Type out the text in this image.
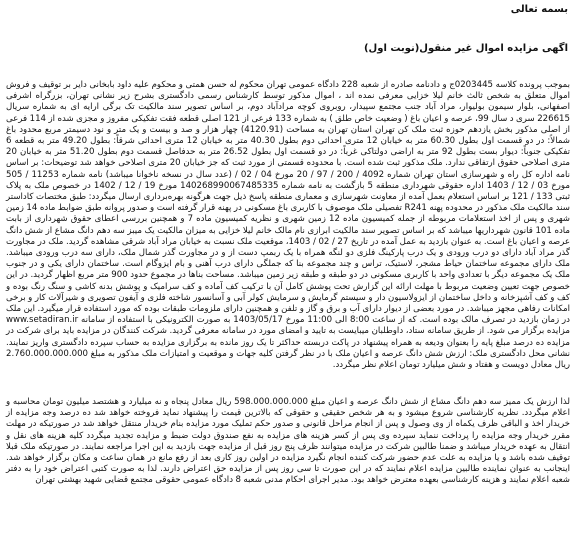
بسمه تعالی
اگهی مزایده اموال غیر منقول(نوبت اول)

بموجب پرونده کلاسه 0203445ج و دادنامه صادره از شعبه 228 دادگاه عمومی تهران محکوم له حسن همتی و محکوم علیه داود بابخانی دایر بر توقیف و فروش اموال متعلق به شخص ثالث خانم لیلا خزایی معرفی نمده اند ، اموال مذکور توسط کارشناس رسمی دادگستری بشرح زیر نشانی تهران، بزرگراه اشرفی اصفهانی، بلوار سیمون بولیوار، مراد آباد جنب مجتمع سپیدار، روبروی کوچه مرادآباد دوم، بر اساس تصویر سند مالکیت تک برگی ارایه ای به شماره سریال 226615 سری د سال 99، عرصه و اعیان باغ ( وضعیت خاص طلق ) به شماره 133 فرعی از 121 اصلی قطعه فقت تفکیکی مفروز و مجزی شده از 114 فرعی از اصلی مذکور بخش یازدهم حوزه ثبت ملک کن تهران استان تهران به مساحت (4120.91) چهار هزار و صد و بیست و یک متر و نود دسیمتر مربع محدود باغ شمالاً: در دو قسمت اول بطول 60.30 متر به خیابان 12 متری احداثی دوم بطول 40.30 متر به خیابان 12 متری احداثی شرقاً: بطول 49.20 متر به قطعه 6 تفکیکی جنوباً: دیوار بست بطول 92 متر به اراضی دولتاکی غرباً: در دو قسمت اول بطول 26.52 متر به حدفاصل قسمت دوم بطول 51.20 متر به خیابان 20 متری اصلاحی حقوق ارتفاقی ندارد. ملک مذکور ثبت شده است. با محدوده قسمتی از مورد ثبت که جز خیابان 20 متری اصلاحی خواهد شد توضیحات: بر اساس نامه اداره کل راه و شهرسازی استان تهران شماره 4092 / 200 / 97 / 20 مورخ 04 / 02 / (عدد سال در نسخه ناخوانا میباشد) نامه شماره 11253 / 505 مورخ 03 / 12 / 1403 اداره حقوقی شهرداری منطقه 5 بازگشت به نامه شماره 140268990067485335 مورخ 19 / 12 / 1402 در خصوص ملک به پلاک ثبتی 133 / 121 بر اساس استعلام بعمل آمده از معاونت شهرسازی و معماری منطقه پاسخ ذیل جهت هرگونه بهره‌برداری ارسال میگردد: طبق مختصات کاداستر سند مالکیت ملک مذکور در محدوده پهنه R241 تفصیلی ملک موصوف با کاربری باغ مسکونی در پهنه قرار گرفته است و صدور پروانه طبق ضوابط ماده 14 زمین شهری و پس از اخذ استعلامات مربوطه از جمله کمیسیون ماده 12 زمین شهری و نظریه کمیسیون ماده 7 و همچنین بررسی اعطای حقوق شهرداری از بابت ماده 101 قانون شهرداریها میباشد که بر اساس تصویر سند مالکیت ابرازی نام مالک خانم لیلا خزایی به میزان مالکیت یک میبز سه دهم دانگ مشاع از شش دانگ عرصه و اعیان باغ است. به عنوان بازدید به عمل آمده در تاریخ 27 / 02 / 1403، موقعیت ملک نسبت به خیابان مراد آباد شرقی مشاهده گردید. ملک در مجاورت گذر مراد آباد دارای دو درب ورودی و یک درب پارکینگ فلزی دو لنگه همراه با یک ربمپ دست از و در مجاورت گذر شمال ملک، دارای سه درب ورودی میباشد. ملک دارای مجموعه ساختمان حیاط مشجر، لاستیک، تراس و چند مجموعه بنا که جملگی دارای درب آهنی و بام ایزوگام است. ساختمان دارای یکی و در جنوب ملک یک مجموعه دیگر با تعدادی واحد با کاربری مسکونی در دو طبقه و طبقه زیر زمین میباشد. مساحت بناها در مجموع حدود 900 متر مربع اظهار گردید. در این خصوص جهت تعیین وضعیت مربوط با مهلت ارائه این گزارش تحت پوشش کامل آن با ترکیب کف آماده و کف سرامیک و پوشش بدنه کاشی و سنگ رنگ بوده و کف و کف آشپزخانه و داخل ساختمان از ایزولاسیون دار و سیستم گرمایش و سرمایش کولر آبی و آسانسور شاخته فلزی و آیفون تصویری و شیرآلات کار و برخی امکانات رفاهی مجهز میباشد. در مورد بعضی از دیوار دارای آب و برق و گاز و تلفن و همچنین دارای ملزومات طبقات بوده که مورد استفاده قرار میگیرد. این ملک در زمان بازدید در تصرف مالک بوده است. که از ساعت 8:00 الی 11:00 مورخ 1403/05/17 به صورت الکترونیکی با استفاده از سامانه www.setadiran.ir مزایده برگزار می شود. از طریق سامانه ستاد، داوطلبان میبایست به تایید و امضای مورد در سامانه معرفی گردید. شرکت کنندگان در مزایده باید برای شرکت در مزایده ده درصد مبلغ پایه را بعنوان ودیعه به همراه پیشنهاد در پاکت دربسته حداکثر تا یک روز مانده به برگزاری مزایده به حساب سپرده دادگستری واریز نمایند. نشانی محل دادگستری ملک: ارزش شش دانگ عرصه و اعیان ملک با در نظر گرفتن کلیه جهات و موقعیت و امتیازات ملک مذکور به مبلغ 2.760.000.000.000 ریال معادل دویست و هفتاد و شش میلیارد تومان اعلام نظر میگردد.

لذا ارزش یک ممیز سه دهم دانگ مشاع از شش دانگ عرصه و اعیان مبلغ 598.000.000.000 ریال معادل پنجاه و نه میلیارد و هشتصد میلیون تومان محاسبه و اعلام میگردد. نظریه کارشناسی شروع میشود و به هر شخص حقیقی و حقوقی که بالاترین قیمت را پیشنهاد نماید فروخته خواهد شد ده درصد وجه مزایده از خریدار اخذ و الباقی ظرف یکماه از وی وصول و پس از انجام مراحل قانونی و صدور حکم تملیک مورد مزایده بنام خریدار منتقل خواهد شد در صورتیکه در مهلت مقرر خریدار وجه مزایده را پرداخت ننماید سپرده وی پس از کسر هزینه های مزایده به نفع صندوق دولت ضبط و مزایده تجدید میگردد کلیه هزینه های نقل و انتقال به عهده خریدار میباشد و ضمنا طالبین شرکت در مزایده میتوانند ظرف پنج روز قبل از مزایده جهت بازدید به این اجرا مراجعه نمایند. در صورتیکه ملک قبلا توقیف شده باشد و یا مزایده به علت عدم حضور شرکت کننده انجام نگیرد مزایده در اولین روز کاری بعد از رفع مانع در همان ساعت و مکان برگزار خواهد شد. اینجانب به عنوان نماینده طالبین مزایده اعلام نمایند که در این صورت تا سی روز پس از مزایده حق اعتراض دارند. لذا به صورت کتبی اعتراض خود را به دفتر شعبه اعلام نمایند و هزینه کارشناسی بعهده معترض خواهد بود. مدیر اجرای احکام مدنی شعبه 8 دادگاه عمومی حقوقی مجتمع قضایی شهید بهشتی تهران
